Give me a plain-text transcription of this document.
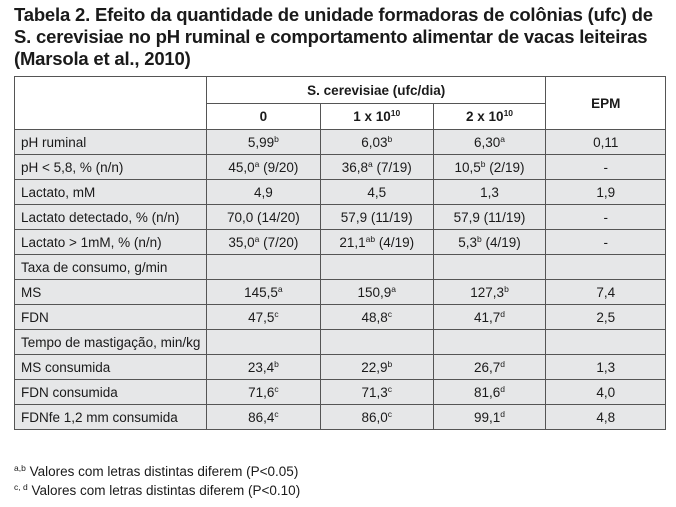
Tabela 2. Efeito da quantidade de unidade formadoras de colônias (ufc) de S. cerevisiae no pH ruminal e comportamento alimentar de vacas leiteiras (Marsola et al., 2010)
	S. cerevisiae (ufc/dia)			EPM
	0	1 x $10^{10}$	2 x $10^{10}$
pH ruminal	5,99$^b$	6,03$^b$	6,30$^a$	0,11
pH < 5,8, % (n/n)	45,0$^a$ (9/20)	36,8$^a$ (7/19)	10,5$^b$ (2/19)	-
Lactato, mM	4,9	4,5	1,3	1,9
Lactato detectado, % (n/n)	70,0 (14/20)	57,9 (11/19)	57,9 (11/19)	-
Lactato > 1mM, % (n/n)	35,0$^a$ (7/20)	21,1$^{ab}$ (4/19)	5,3$^b$ (4/19)	-
Taxa de consumo, g/min				
MS	145,5$^a$	150,9$^a$	127,3$^b$	7,4
FDN	47,5$^c$	48,8$^c$	41,7$^d$	2,5
Tempo de mastigação, min/kg				
MS consumida	23,4$^b$	22,9$^b$	26,7$^d$	1,3
FDN consumida	71,6$^c$	71,3$^c$	81,6$^d$	4,0
FDNfe 1,2 mm consumida	86,4$^c$	86,0$^c$	99,1$^d$	4,8
$^{a,b}$ Valores com letras distintas diferem (P<0.05)
$^{c, d}$ Valores com letras distintas diferem (P<0.10)
